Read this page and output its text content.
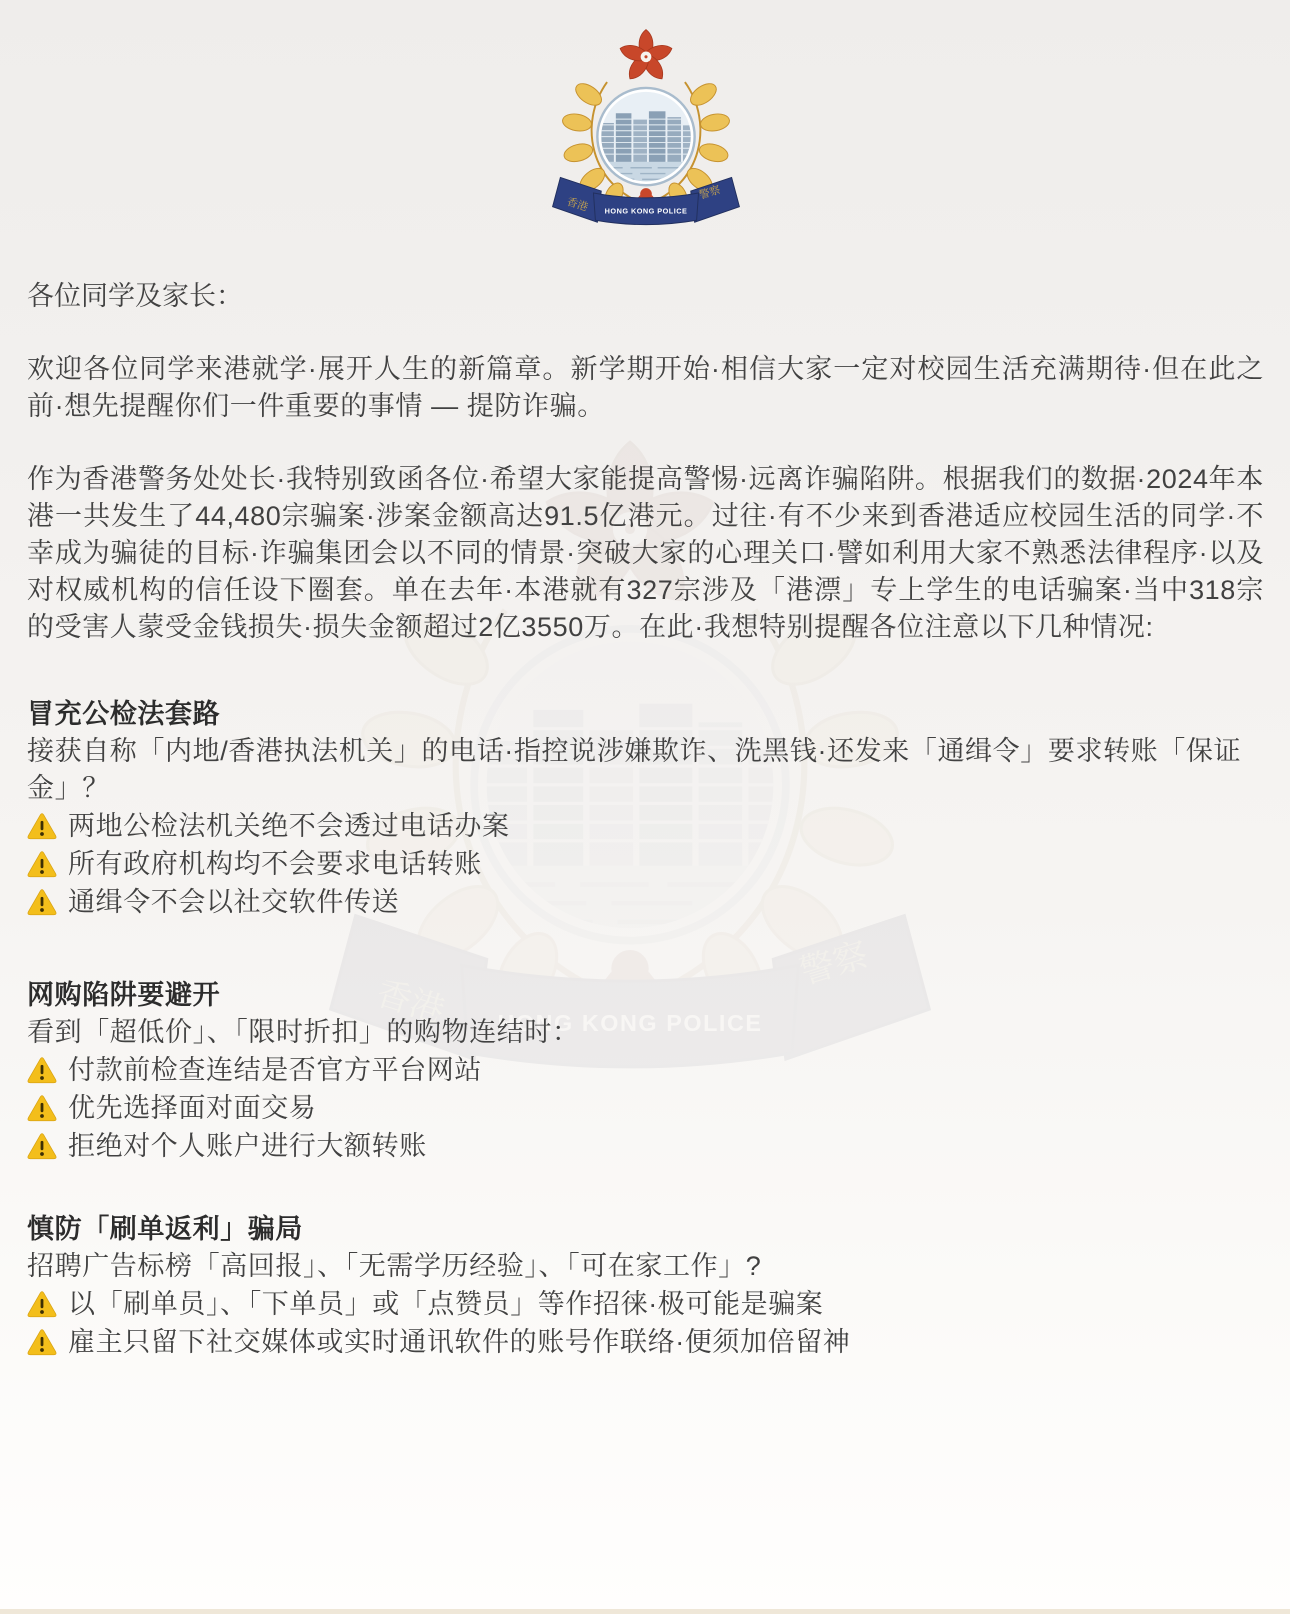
各位同学及家长：

欢迎各位同学来港就学·展开人生的新篇章。新学期开始·相信大家一定对校园生活充满期待·但在此之前·想先提醒你们一件重要的事情 — 提防诈骗。

作为香港警务处处长·我特别致函各位·希望大家能提高警惕·远离诈骗陷阱。根据我们的数据·2024年本港一共发生了44,480宗骗案·涉案金额高达91.5亿港元。过往·有不少来到香港适应校园生活的同学·不幸成为骗徒的目标·诈骗集团会以不同的情景·突破大家的心理关口·譬如利用大家不熟悉法律程序·以及对权威机构的信任设下圈套。单在去年·本港就有327宗涉及「港漂」专上学生的电话骗案·当中318宗的受害人蒙受金钱损失·损失金额超过2亿3550万。在此·我想特别提醒各位注意以下几种情况:

冒充公检法套路

接获自称「内地/香港执法机关」的电话·指控说涉嫌欺诈、洗黑钱·还发来「通缉令」要求转账「保证金」？

两地公检法机关绝不会透过电话办案
所有政府机构均不会要求电话转账
通缉令不会以社交软件传送
网购陷阱要避开

看到「超低价」、「限时折扣」的购物连结时：

付款前检查连结是否官方平台网站
优先选择面对面交易
拒绝对个人账户进行大额转账
慎防「刷单返利」骗局

招聘广告标榜「高回报」、「无需学历经验」、「可在家工作」?

以「刷单员」、「下单员」或「点赞员」等作招徕·极可能是骗案
雇主只留下社交媒体或实时通讯软件的账号作联络·便须加倍留神
